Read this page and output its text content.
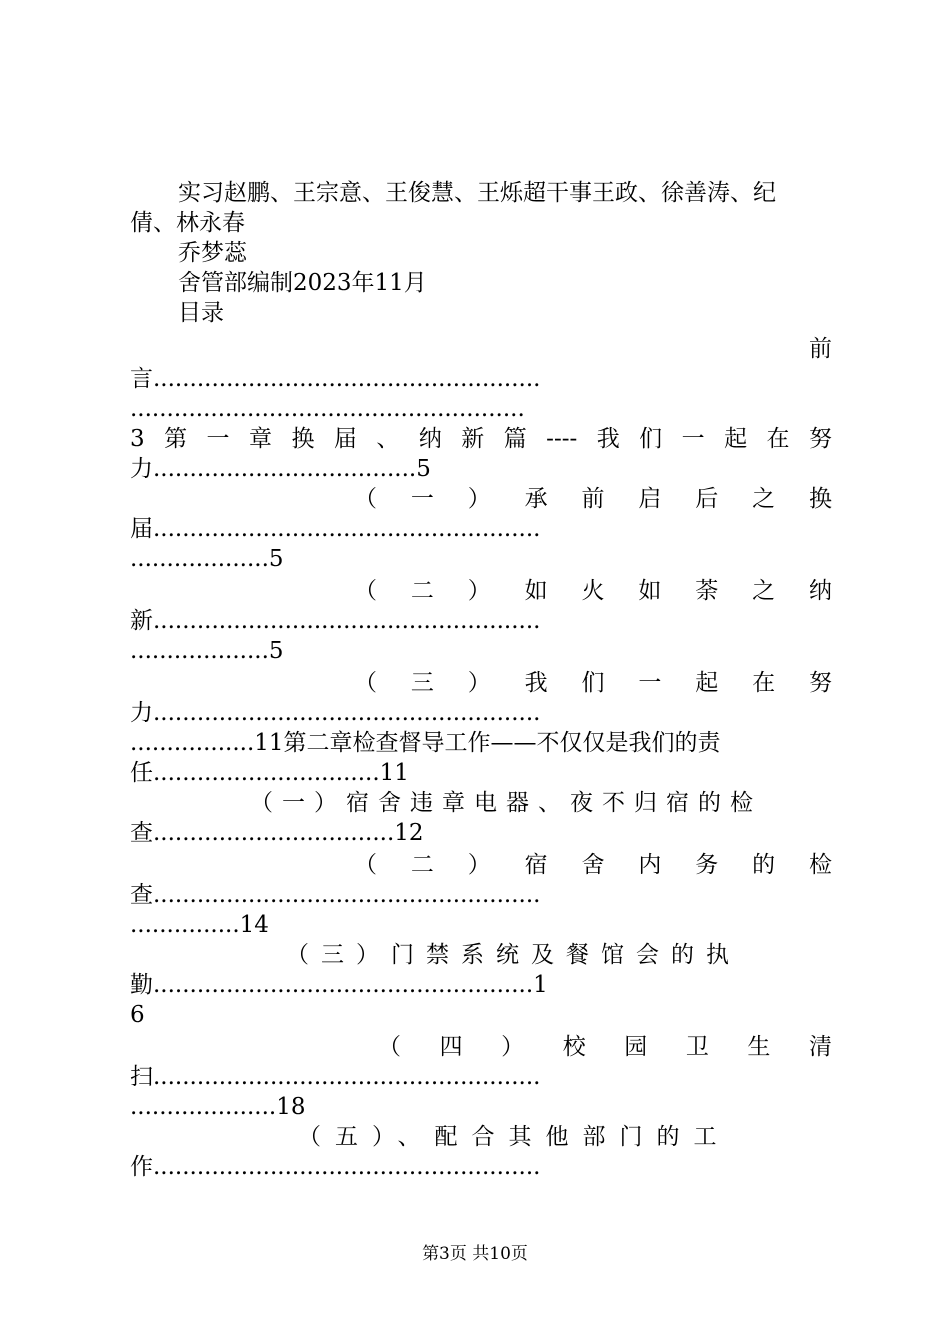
实习赵鹏、王宗意、王俊慧、王烁超干事王政、徐善涛、纪
倩、林永春
乔梦蕊
舍管部编制2023年11月
目录
前
言.....................................................
......................................................
3 第 一 章 换 届 、 纳 新 篇 ---- 我 们 一 起 在 努
力....................................5
（ 一 ） 承 前 启 后 之 换
届.....................................................
...................5
（ 二 ） 如 火 如 荼 之 纳
新.....................................................
...................5
（ 三 ） 我 们 一 起 在 努
力.....................................................
.................11第二章检查督导工作——不仅仅是我们的责
任...............................11
（一）宿舍违章电器、夜不归宿的检
查.................................12
（ 二 ） 宿 舍 内 务 的 检
查.....................................................
...............14
（三）门禁系统及餐馆会的执
勤....................................................1
6
（ 四 ） 校 园 卫 生 清
扫.....................................................
....................18
（五）、配合其他部门的工
作.....................................................
第3页 共10页
